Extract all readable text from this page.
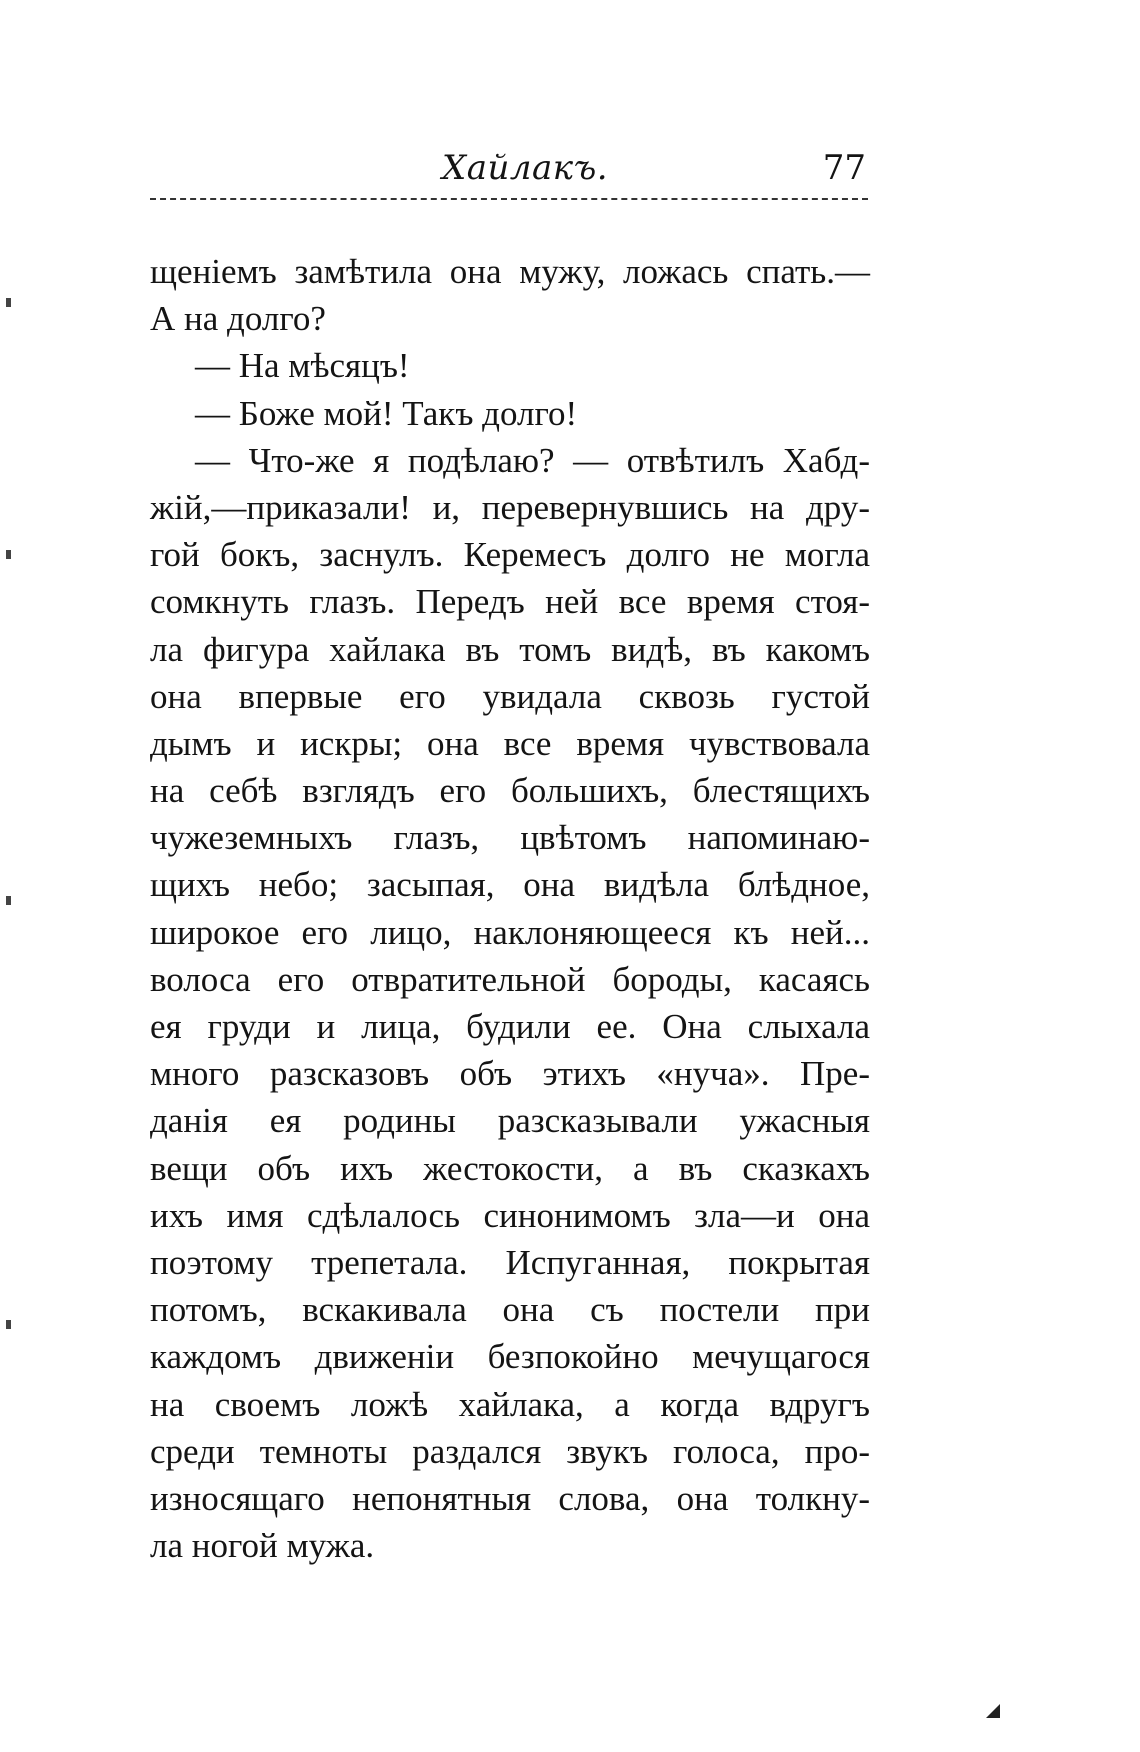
Хайлакъ.	77
щеніемъ замѣтила она мужу, ложась спать.—
А на долго?
— На мѣсяцъ!
— Боже мой! Такъ долго!
— Что-же я подѣлаю? — отвѣтилъ Хабд-
жій,—приказали! и, перевернувшись на дру-
гой бокъ, заснулъ. Керемесъ долго не могла
сомкнуть глазъ. Передъ ней все время стоя-
ла фигура хайлака въ томъ видѣ, въ какомъ
она впервые его увидала сквозь густой
дымъ и искры; она все время чувствовала
на себѣ взглядъ его большихъ, блестящихъ
чужеземныхъ глазъ, цвѣтомъ напоминаю-
щихъ небо; засыпая, она видѣла блѣдное,
широкое его лицо, наклоняющееся къ ней...
волоса его отвратительной бороды, касаясь
ея груди и лица, будили ее. Она слыхала
много разсказовъ объ этихъ «нуча». Пре-
данія ея родины разсказывали ужасныя
вещи объ ихъ жестокости, а въ сказкахъ
ихъ имя сдѣлалось синонимомъ зла—и она
поэтому трепетала. Испуганная, покрытая
потомъ, вскакивала она съ постели при
каждомъ движеніи безпокойно мечущагося
на своемъ ложѣ хайлака, а когда вдругъ
среди темноты раздался звукъ голоса, про-
износящаго непонятныя слова, она толкну-
ла ногой мужа.
